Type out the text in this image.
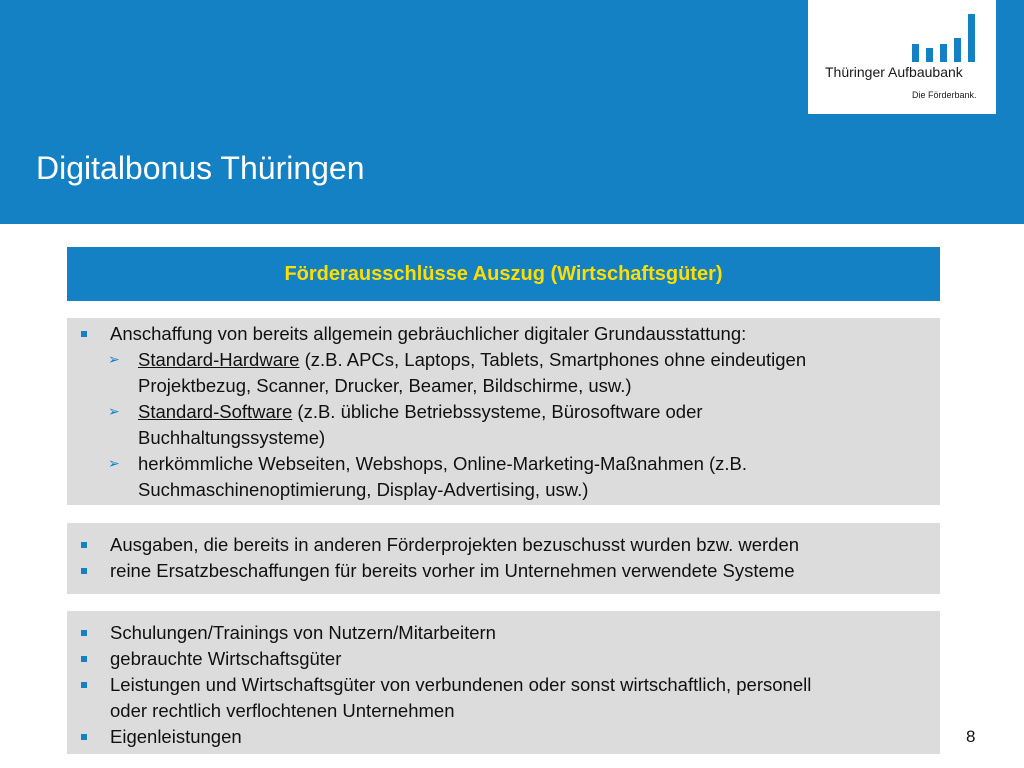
Digitalbonus Thüringen
Thüringer Aufbaubank
Die Förderbank.
Förderausschlüsse Auszug (Wirtschaftsgüter)
Anschaffung von bereits allgemein gebräuchlicher digitaler Grundausstattung:
➢ Standard-Hardware (z.B. APCs, Laptops, Tablets, Smartphones ohne eindeutigen
Projektbezug, Scanner, Drucker, Beamer, Bildschirme, usw.)
➢ Standard-Software (z.B. übliche Betriebssysteme, Bürosoftware oder
Buchhaltungssysteme)
➢ herkömmliche Webseiten, Webshops, Online-Marketing-Maßnahmen (z.B.
Suchmaschinenoptimierung, Display-Advertising, usw.)
Ausgaben, die bereits in anderen Förderprojekten bezuschusst wurden bzw. werden
reine Ersatzbeschaffungen für bereits vorher im Unternehmen verwendete Systeme
Schulungen/Trainings von Nutzern/Mitarbeitern
gebrauchte Wirtschaftsgüter
Leistungen und Wirtschaftsgüter von verbundenen oder sonst wirtschaftlich, personell
oder rechtlich verflochtenen Unternehmen
Eigenleistungen	8
